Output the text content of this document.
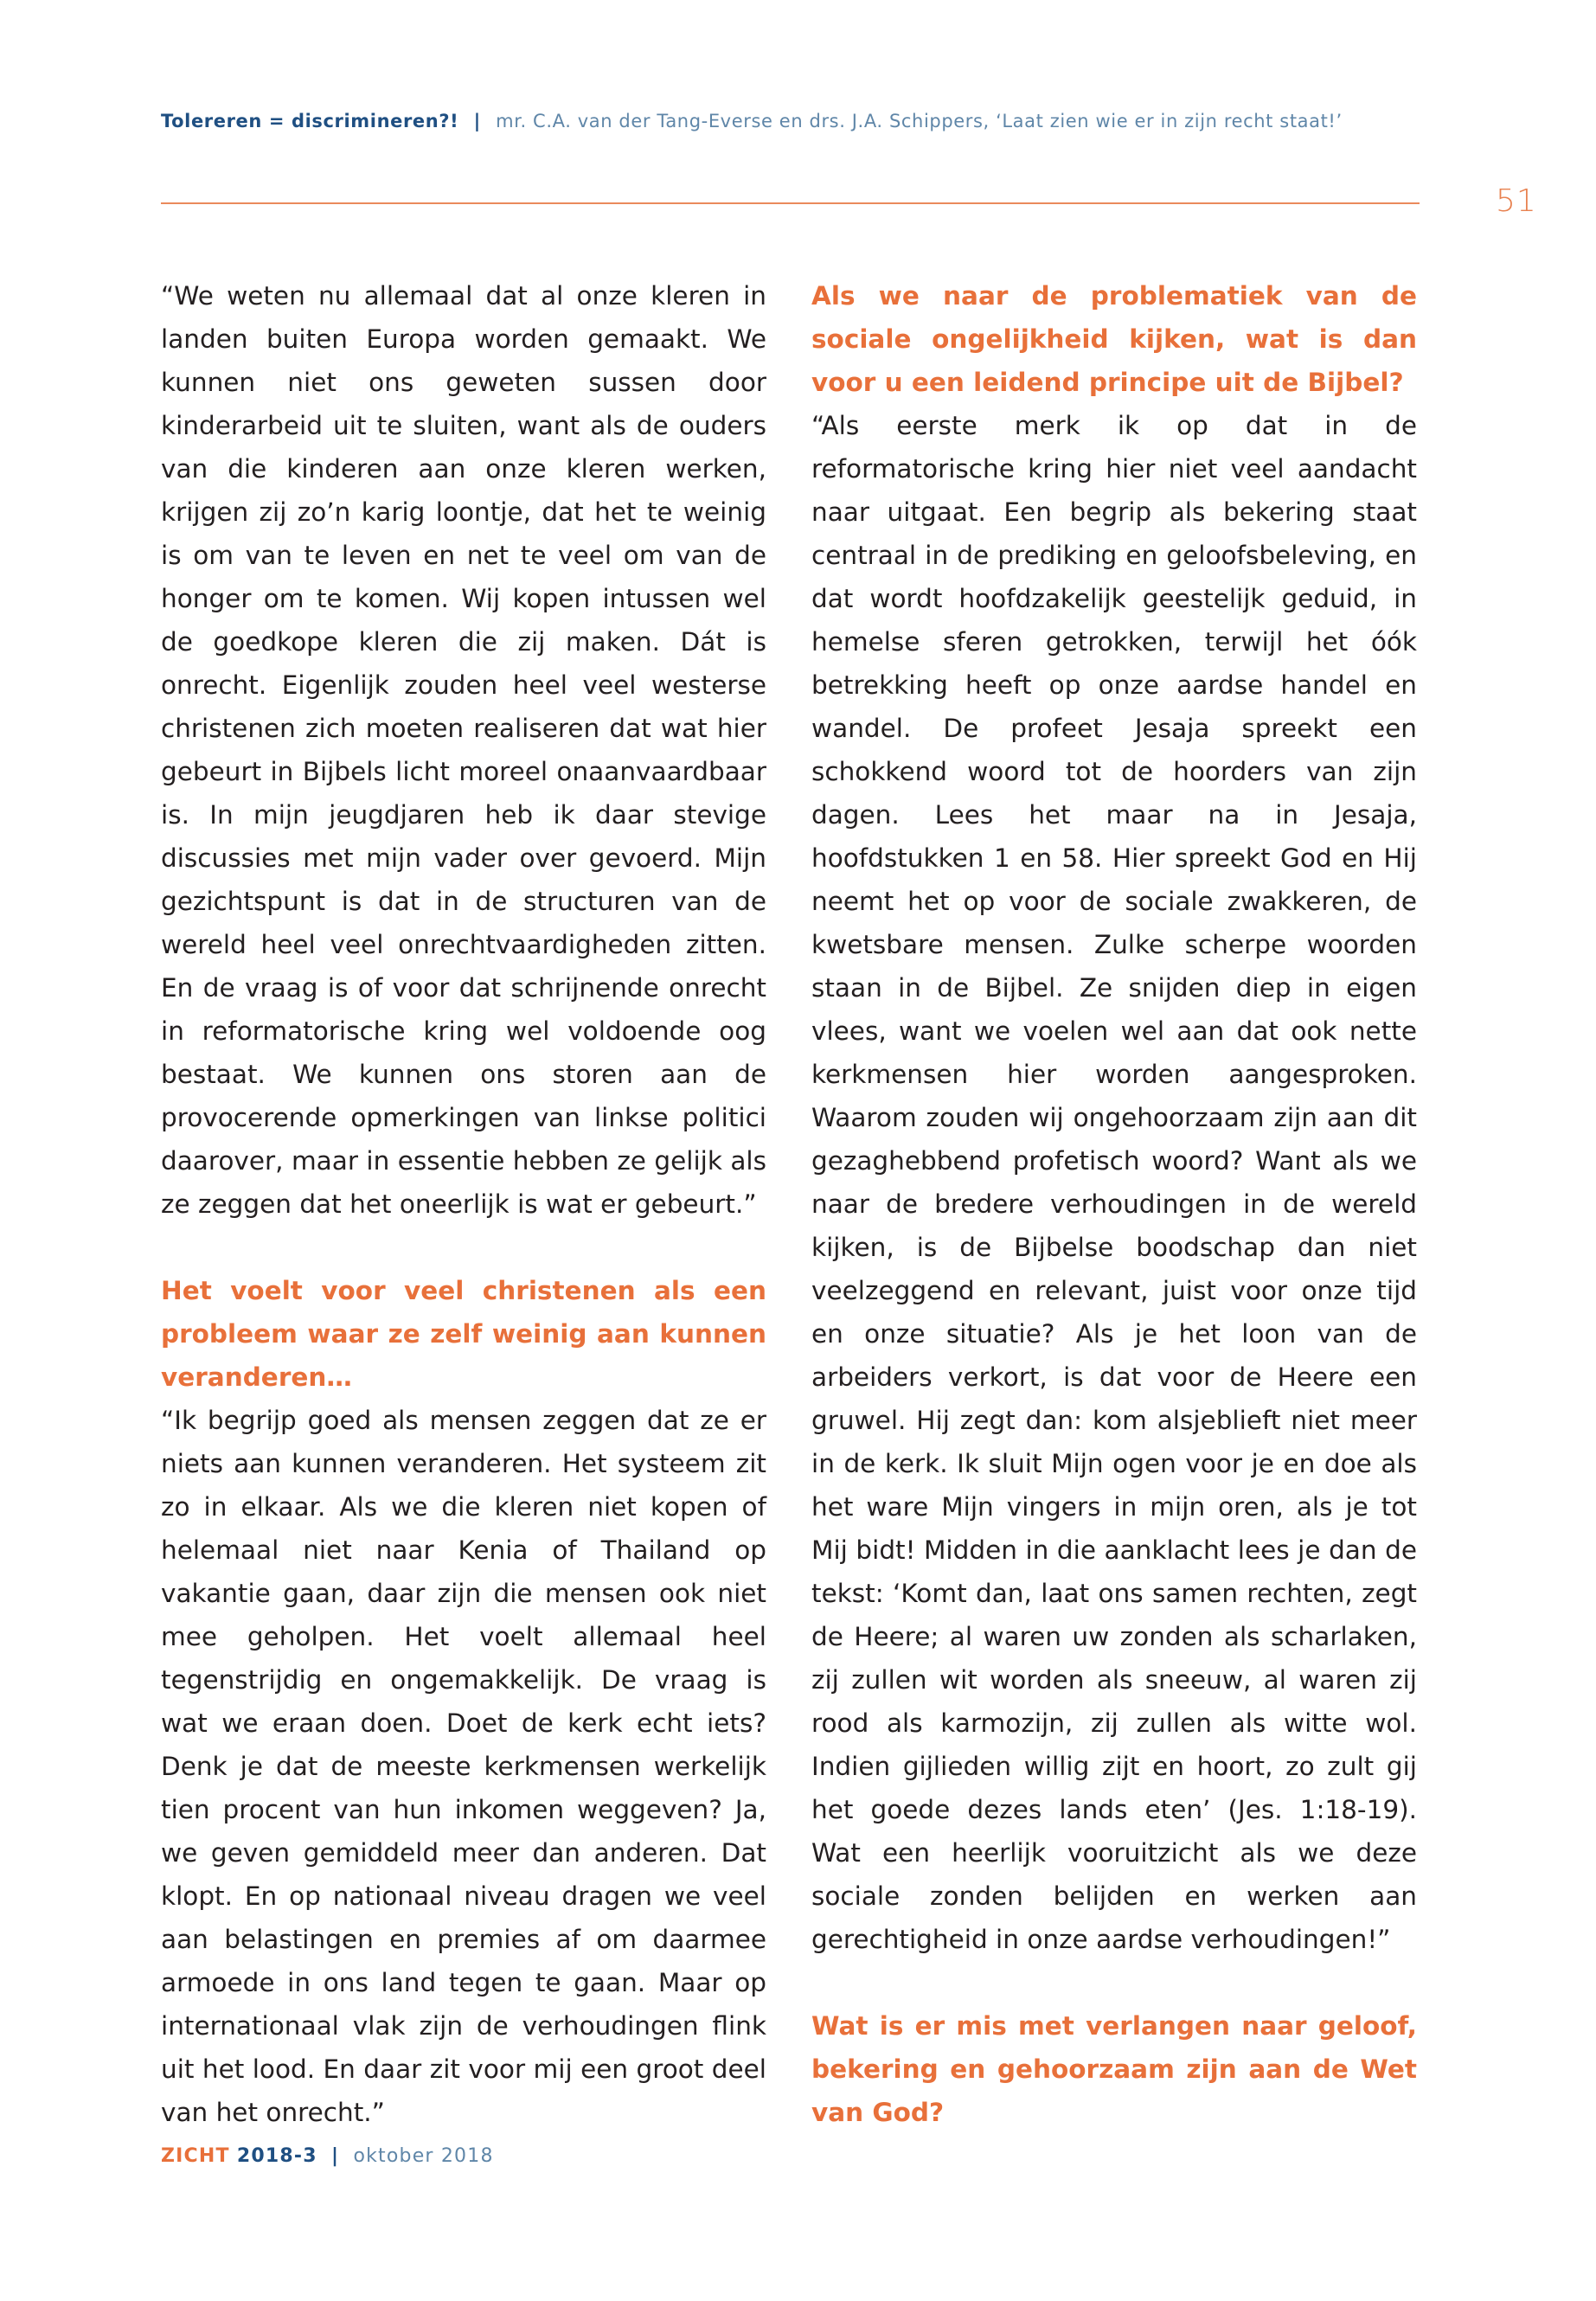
Tolereren = discrimineren?! | mr. C.A. van der Tang-Everse en drs. J.A. Schippers, ‘Laat zien wie er in zijn recht staat!’
51

“We weten nu allemaal dat al onze kleren in landen buiten Europa worden gemaakt. We kunnen niet ons geweten sussen door kinderarbeid uit te sluiten, want als de ouders van die kinderen aan onze kleren werken, krijgen zij zo’n karig loontje, dat het te weinig is om van te leven en net te veel om van de honger om te komen. Wij kopen intussen wel de goedkope kleren die zij maken. Dát is onrecht. Eigenlijk zouden heel veel westerse christenen zich moeten realiseren dat wat hier gebeurt in Bijbels licht moreel onaanvaardbaar is. In mijn jeugdjaren heb ik daar stevige discussies met mijn vader over gevoerd. Mijn gezichtspunt is dat in de structuren van de wereld heel veel onrechtvaardigheden zitten. En de vraag is of voor dat schrijnende onrecht in reformatorische kring wel voldoende oog bestaat. We kunnen ons storen aan de provocerende opmerkingen van linkse politici daarover, maar in essentie hebben ze gelijk als ze zeggen dat het oneerlijk is wat er gebeurt.”

Het voelt voor veel christenen als een probleem waar ze zelf weinig aan kunnen veranderen…

“Ik begrijp goed als mensen zeggen dat ze er niets aan kunnen veranderen. Het systeem zit zo in elkaar. Als we die kleren niet kopen of helemaal niet naar Kenia of Thailand op vakantie gaan, daar zijn die mensen ook niet mee geholpen. Het voelt allemaal heel tegenstrijdig en ongemakkelijk. De vraag is wat we eraan doen. Doet de kerk echt iets? Denk je dat de meeste kerkmensen werkelijk tien procent van hun inkomen weggeven? Ja, we geven gemiddeld meer dan anderen. Dat klopt. En op nationaal niveau dragen we veel aan belastingen en premies af om daarmee armoede in ons land tegen te gaan. Maar op internationaal vlak zijn de verhoudingen flink uit het lood. En daar zit voor mij een groot deel van het onrecht.”

Als we naar de problematiek van de sociale ongelijkheid kijken, wat is dan voor u een leidend principe uit de Bijbel?

“Als eerste merk ik op dat in de reformatorische kring hier niet veel aandacht naar uitgaat. Een begrip als bekering staat centraal in de prediking en geloofsbeleving, en dat wordt hoofdzakelijk geestelijk geduid, in hemelse sferen getrokken, terwijl het óók betrekking heeft op onze aardse handel en wandel. De profeet Jesaja spreekt een schokkend woord tot de hoorders van zijn dagen. Lees het maar na in Jesaja, hoofdstukken 1 en 58. Hier spreekt God en Hij neemt het op voor de sociale zwakkeren, de kwetsbare mensen. Zulke scherpe woorden staan in de Bijbel. Ze snijden diep in eigen vlees, want we voelen wel aan dat ook nette kerkmensen hier worden aangesproken. Waarom zouden wij ongehoorzaam zijn aan dit gezaghebbend profetisch woord? Want als we naar de bredere verhoudingen in de wereld kijken, is de Bijbelse boodschap dan niet veelzeggend en relevant, juist voor onze tijd en onze situatie? Als je het loon van de arbeiders verkort, is dat voor de Heere een gruwel. Hij zegt dan: kom alsjeblieft niet meer in de kerk. Ik sluit Mijn ogen voor je en doe als het ware Mijn vingers in mijn oren, als je tot Mij bidt! Midden in die aanklacht lees je dan de tekst: ‘Komt dan, laat ons samen rechten, zegt de Heere; al waren uw zonden als scharlaken, zij zullen wit worden als sneeuw, al waren zij rood als karmozijn, zij zullen als witte wol. Indien gijlieden willig zijt en hoort, zo zult gij het goede dezes lands eten’ (Jes. 1:18-19). Wat een heerlijk vooruitzicht als we deze sociale zonden belijden en werken aan gerechtigheid in onze aardse verhoudingen!”

Wat is er mis met verlangen naar geloof, bekering en gehoorzaam zijn aan de Wet van God?

ZICHT 2018-3 | oktober 2018
